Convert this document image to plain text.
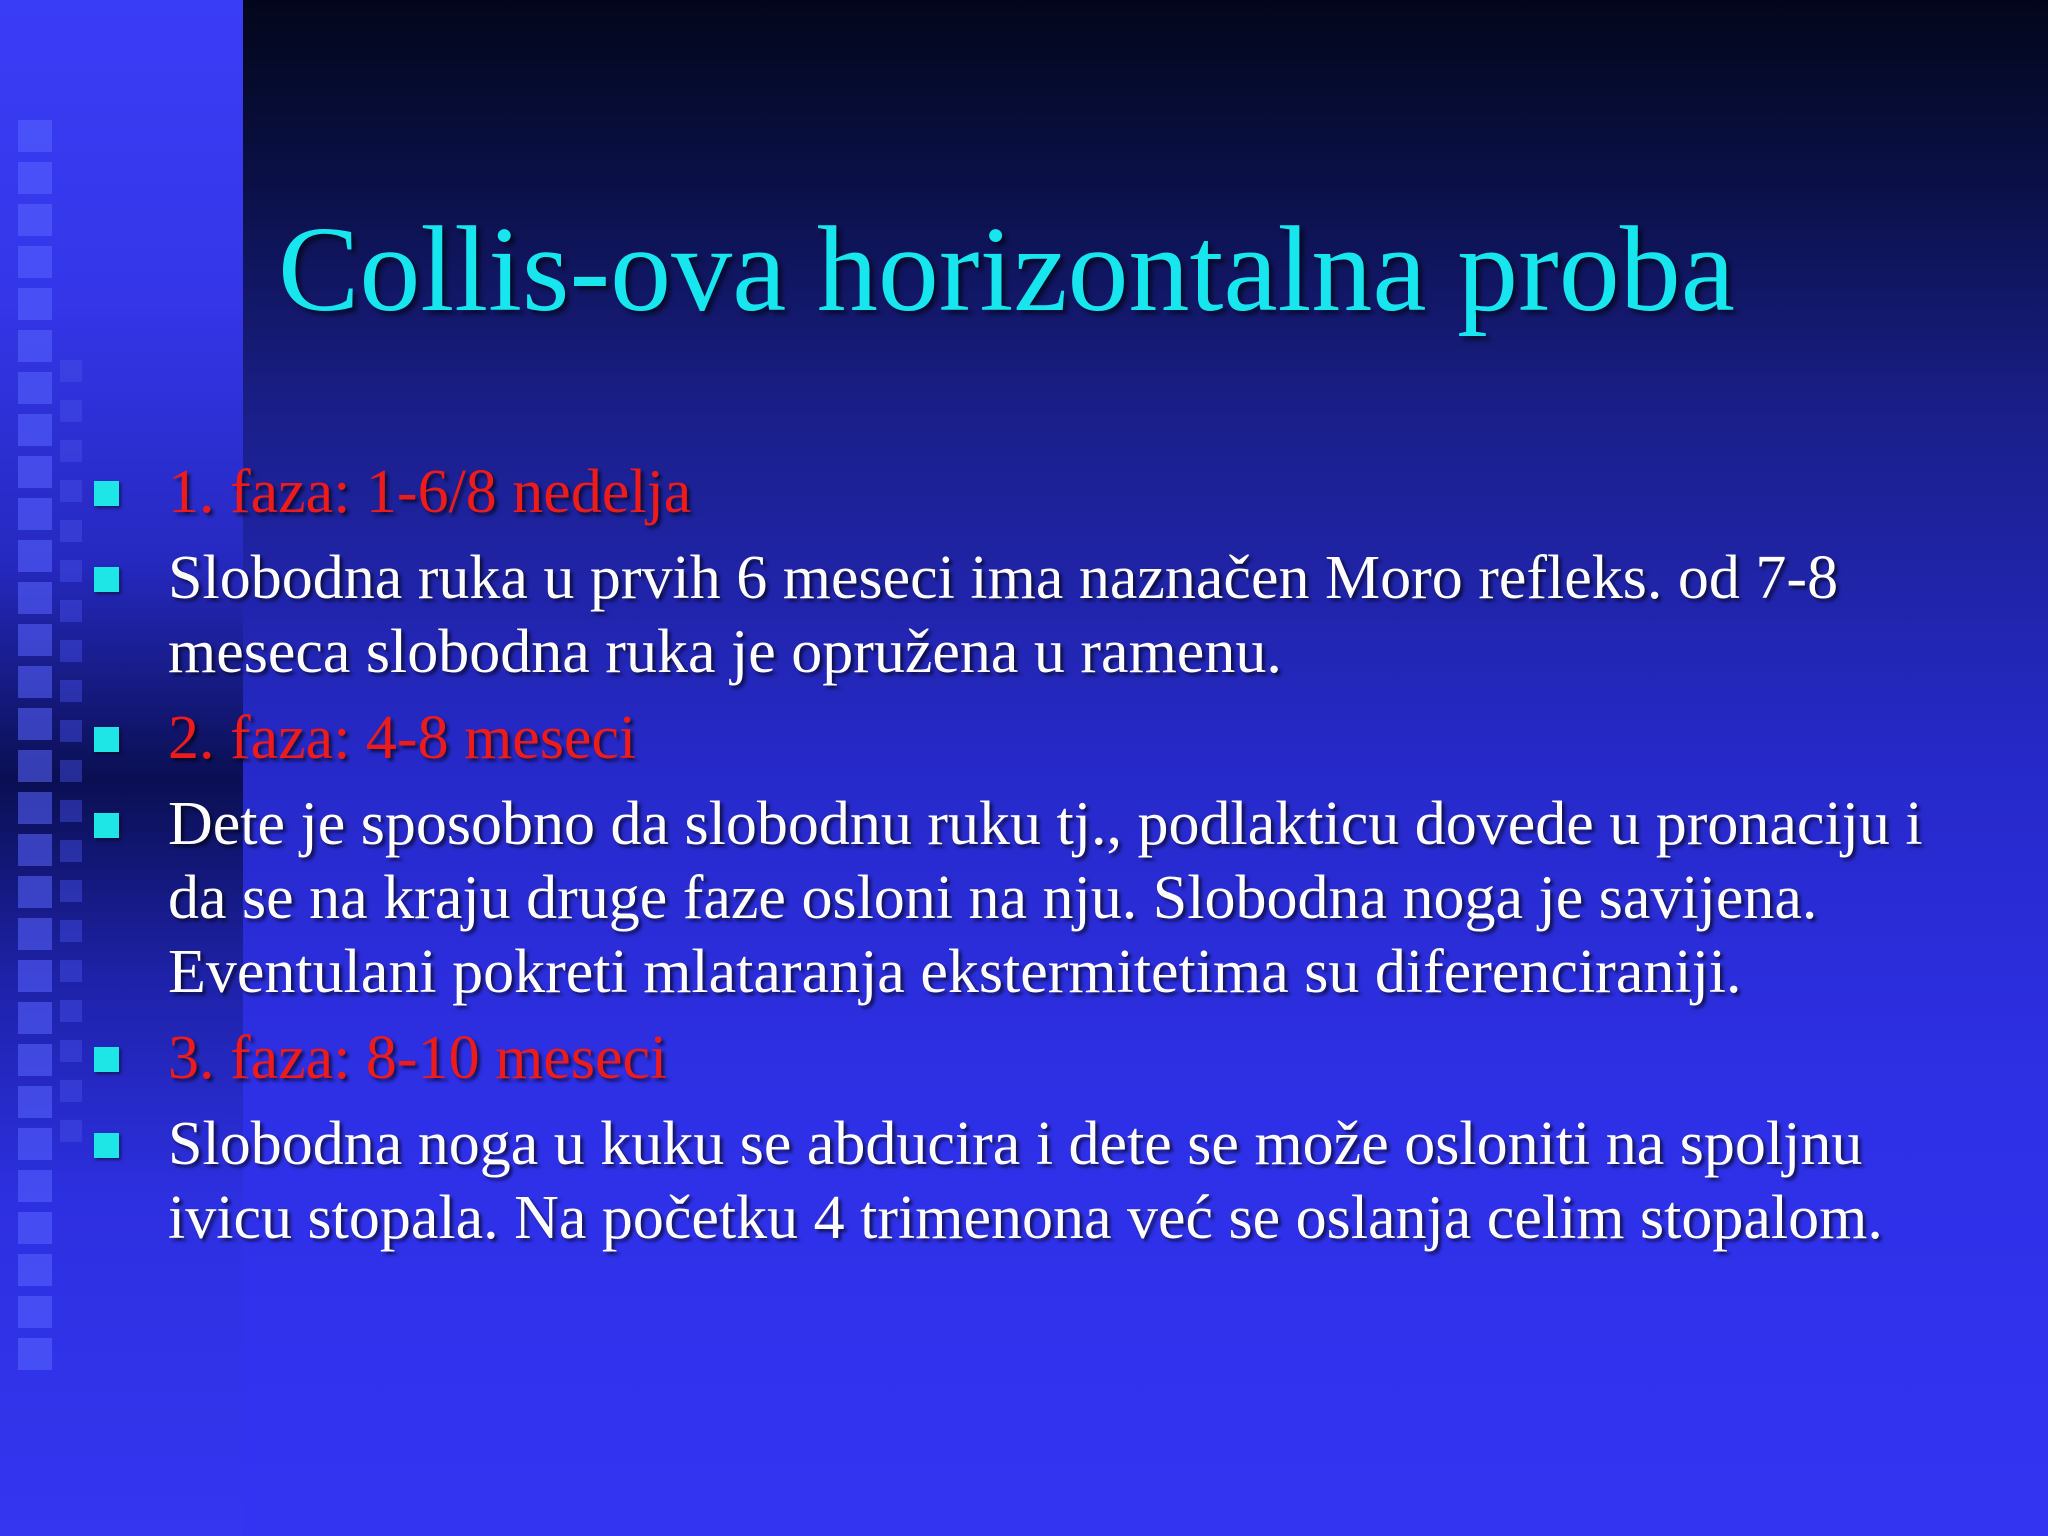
Collis-ova horizontalna proba
1. faza: 1-6/8 nedelja
Slobodna ruka u prvih 6 meseci ima naznačen Moro refleks. od 7-8 meseca slobodna ruka je opružena u ramenu.
2. faza: 4-8 meseci
Dete je sposobno da slobodnu ruku tj., podlakticu dovede u pronaciju i da se na kraju druge faze osloni na nju. Slobodna noga je savijena. Eventulani pokreti mlataranja ekstermitetima su diferenciraniji.
3. faza: 8-10 meseci
Slobodna noga u kuku se abducira i dete se može osloniti na spoljnu ivicu stopala. Na početku 4 trimenona već se oslanja celim stopalom.
